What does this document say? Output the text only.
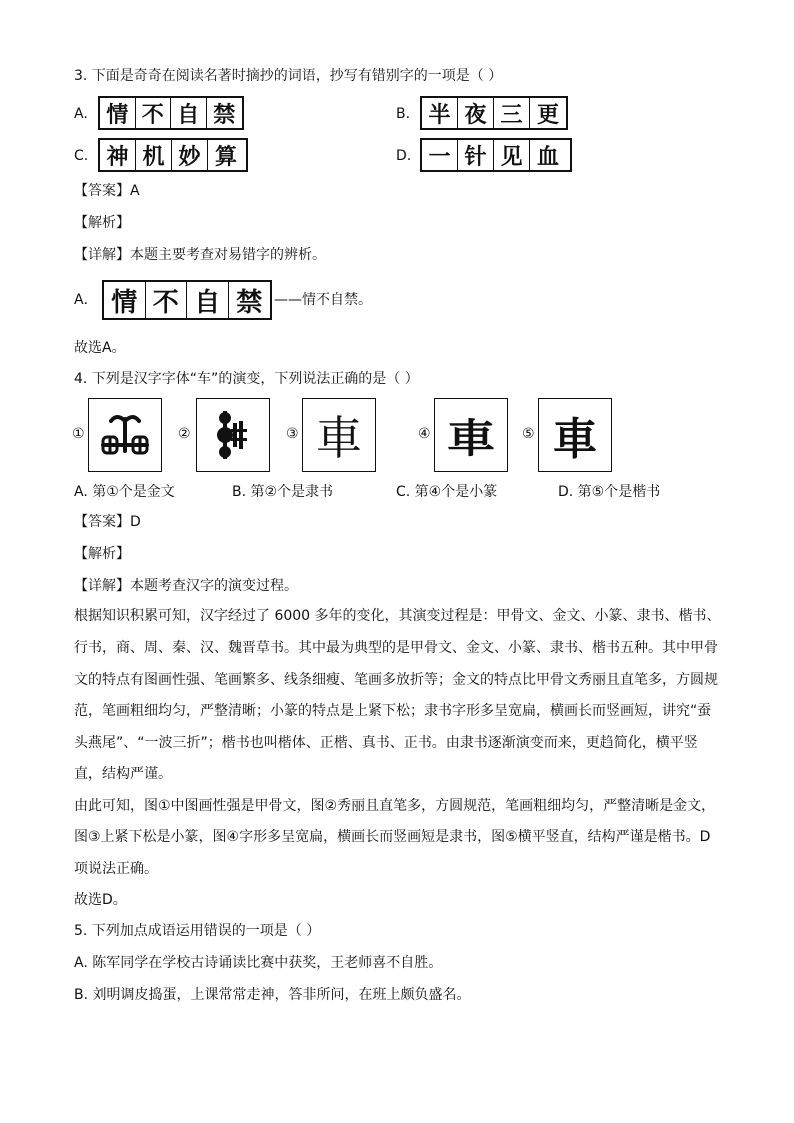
3. 下面是奇奇在阅读名著时摘抄的词语，抄写有错别字的一项是（ ）
A. 情 不 自 禁	B. 半 夜 三 更
C. 神 机 妙 算	D. 一 针 见 血
【答案】A
【解析】
【详解】本题主要考查对易错字的辨析。
A． 情 不 自 禁 ——情不自禁。
故选A。
4. 下列是汉字字体“车”的演变，下列说法正确的是（ ）
①	②	③ 車	④ 車 ⑤ 車
A. 第①个是金文	B. 第②个是隶书	C. 第④个是小篆	D. 第⑤个是楷书
【答案】D
【解析】
【详解】本题考查汉字的演变过程。
根据知识积累可知，汉字经过了 6000 多年的变化，其演变过程是：甲骨文、金文、小篆、隶书、楷书、
行书，商、周、秦、汉、魏晋草书。其中最为典型的是甲骨文、金文、小篆、隶书、楷书五种。其中甲骨
文的特点有图画性强、笔画繁多、线条细瘦、笔画多放折等；金文的特点比甲骨文秀丽且直笔多，方圆规
范，笔画粗细均匀，严整清晰；小篆的特点是上紧下松；隶书字形多呈宽扁，横画长而竖画短，讲究“蚕
头燕尾”、“一波三折”；楷书也叫楷体、正楷、真书、正书。由隶书逐渐演变而来，更趋简化，横平竖
直，结构严谨。
由此可知，图①中图画性强是甲骨文，图②秀丽且直笔多，方圆规范，笔画粗细均匀，严整清晰是金文，
图③上紧下松是小篆，图④字形多呈宽扁，横画长而竖画短是隶书，图⑤横平竖直，结构严谨是楷书。D
项说法正确。
故选D。
5. 下列加点成语运用错误的一项是（ ）
A. 陈军同学在学校古诗诵读比赛中获奖，王老师喜不自胜。
B. 刘明调皮捣蛋，上课常常走神，答非所问，在班上颇负盛名。
